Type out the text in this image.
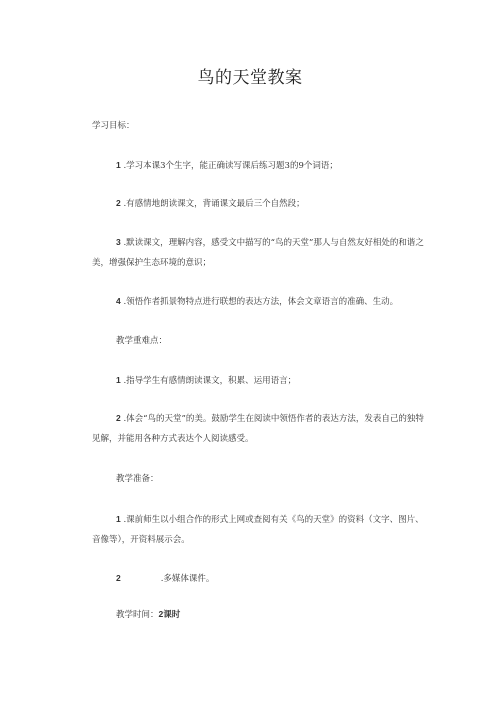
鸟的天堂教案
学习目标：
1 .学习本课3个生字，能正确读写课后练习题3的9个词语；
2 .有感情地朗读课文，背诵课文最后三个自然段；
3 .默读课文，理解内容，感受文中描写的“鸟的天堂”那人与自然友好相处的和谐之美，增强保护生态环境的意识；
4 .领悟作者抓景物特点进行联想的表达方法，体会文章语言的准确、生动。
教学重难点：
1 .指导学生有感情朗读课文，积累、运用语言；
2 .体会“鸟的天堂”的美。鼓励学生在阅读中领悟作者的表达方法，发表自己的独特见解，并能用各种方式表达个人阅读感受。
教学准备：
1 .课前师生以小组合作的形式上网或查阅有关《鸟的天堂》的资料（文字、图片、音像等），开资料展示会。
2	.多媒体课件。
教学时间：2课时
